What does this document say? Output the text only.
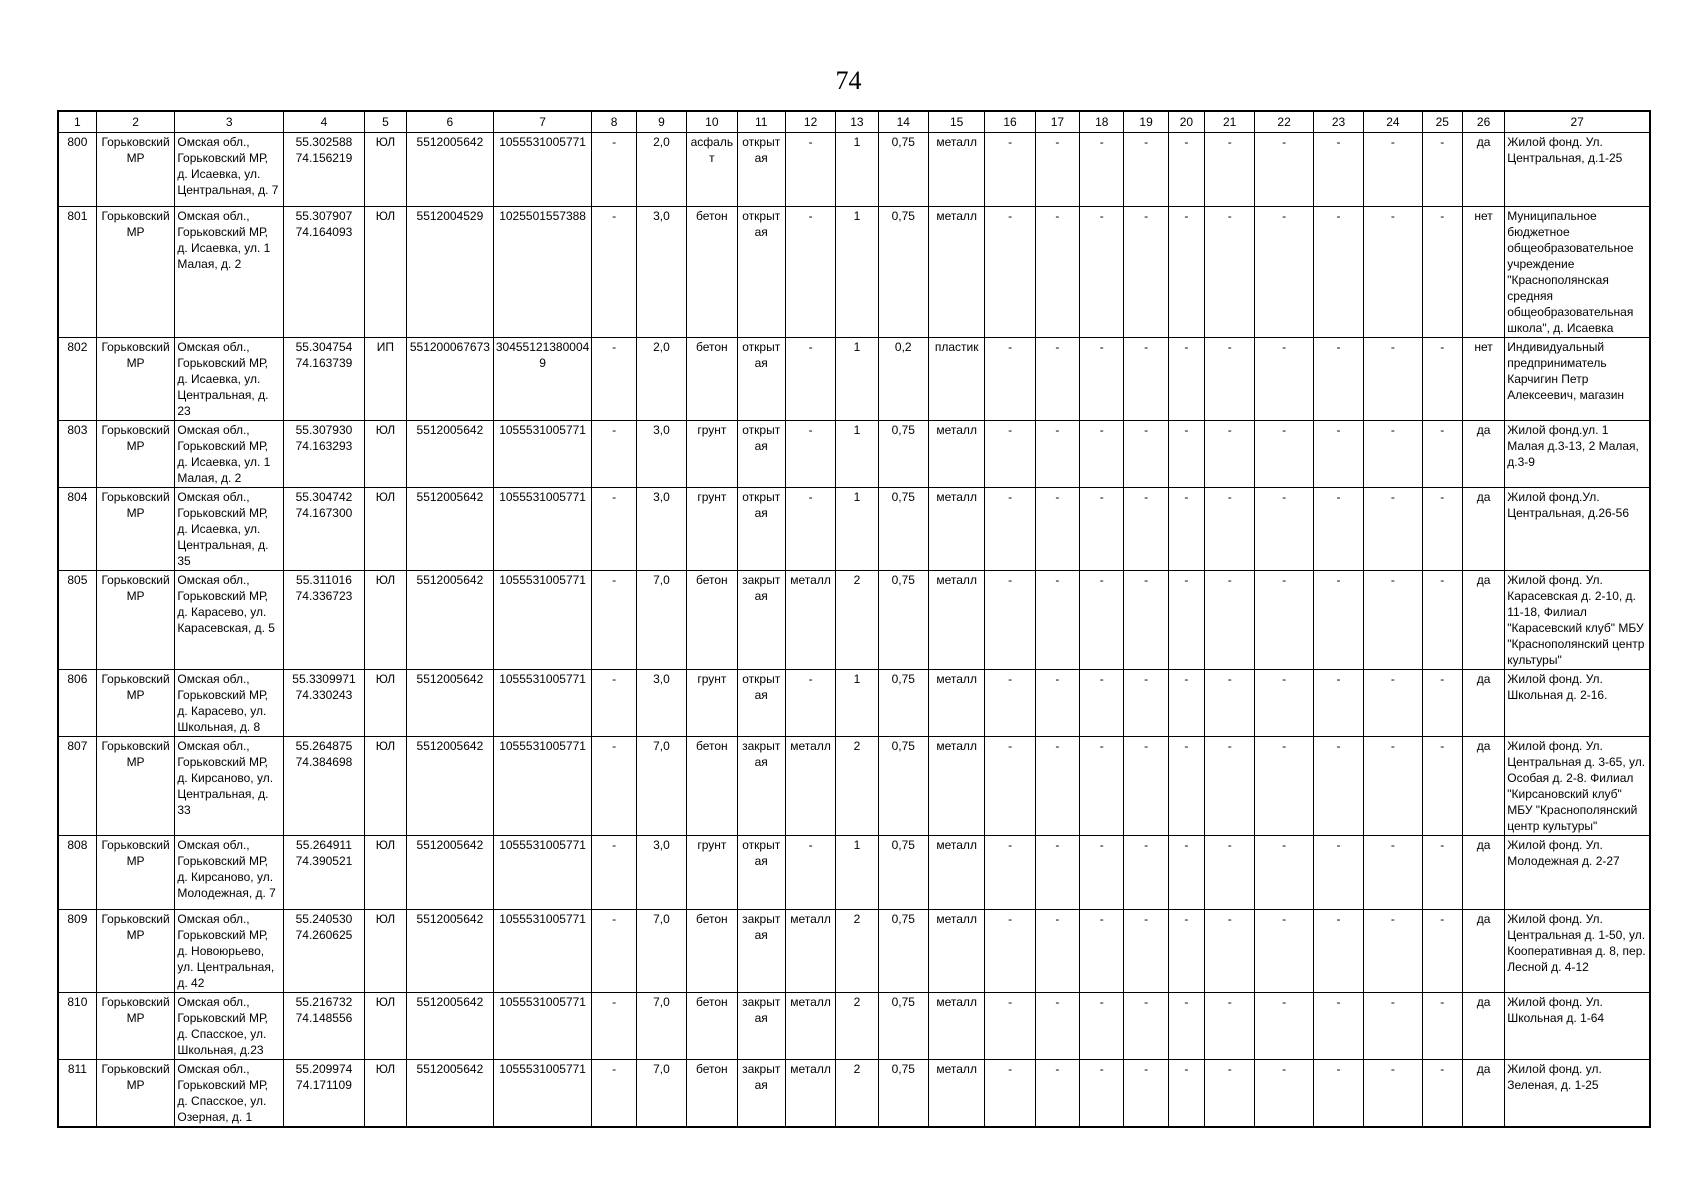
74
1	2	3	4	5	6	7	8	9	10	11	12	13	14	15	16	17	18	19	20	21	22	23	24	25	26	27
800	Горьковский МР	Омская обл., Горьковский МР, д. Исаевка, ул. Центральная, д. 7	55.302588 74.156219	ЮЛ	5512005642	1055531005771	-	2,0	асфальт	открытая	-	1	0,75	металл	-	-	-	-	-	-	-	-	-	-	да	Жилой фонд. Ул. Центральная, д.1-25
801	Горьковский МР	Омская обл., Горьковский МР, д. Исаевка, ул. 1 Малая, д. 2	55.307907 74.164093	ЮЛ	5512004529	1025501557388	-	3,0	бетон	открытая	-	1	0,75	металл	-	-	-	-	-	-	-	-	-	-	нет	Муниципальное бюджетное общеобразовательное учреждение "Краснополянская средняя общеобразовательная школа", д. Исаевка
802	Горьковский МР	Омская обл., Горьковский МР, д. Исаевка, ул. Центральная, д. 23	55.304754 74.163739	ИП	551200067673	304551213800049	-	2,0	бетон	открытая	-	1	0,2	пластик	-	-	-	-	-	-	-	-	-	-	нет	Индивидуальный предприниматель Карчигин Петр Алексеевич, магазин
803	Горьковский МР	Омская обл., Горьковский МР, д. Исаевка, ул. 1 Малая, д. 2	55.307930 74.163293	ЮЛ	5512005642	1055531005771	-	3,0	грунт	открытая	-	1	0,75	металл	-	-	-	-	-	-	-	-	-	-	да	Жилой фонд.ул. 1 Малая д.3-13, 2 Малая, д.3-9
804	Горьковский МР	Омская обл., Горьковский МР, д. Исаевка, ул. Центральная, д. 35	55.304742 74.167300	ЮЛ	5512005642	1055531005771	-	3,0	грунт	открытая	-	1	0,75	металл	-	-	-	-	-	-	-	-	-	-	да	Жилой фонд.Ул. Центральная, д.26-56
805	Горьковский МР	Омская обл., Горьковский МР, д. Карасево, ул. Карасевская, д. 5	55.311016 74.336723	ЮЛ	5512005642	1055531005771	-	7,0	бетон	закрытая	металл	2	0,75	металл	-	-	-	-	-	-	-	-	-	-	да	Жилой фонд. Ул. Карасевская д. 2-10, д. 11-18, Филиал "Карасевский клуб" МБУ "Краснополянский центр культуры"
806	Горьковский МР	Омская обл., Горьковский МР, д. Карасево, ул. Школьная, д. 8	55.3309971 74.330243	ЮЛ	5512005642	1055531005771	-	3,0	грунт	открытая	-	1	0,75	металл	-	-	-	-	-	-	-	-	-	-	да	Жилой фонд. Ул. Школьная д. 2-16.
807	Горьковский МР	Омская обл., Горьковский МР, д. Кирсаново, ул. Центральная, д. 33	55.264875 74.384698	ЮЛ	5512005642	1055531005771	-	7,0	бетон	закрытая	металл	2	0,75	металл	-	-	-	-	-	-	-	-	-	-	да	Жилой фонд. Ул. Центральная д. 3-65, ул. Особая д. 2-8. Филиал "Кирсановский клуб" МБУ "Краснополянский центр культуры"
808	Горьковский МР	Омская обл., Горьковский МР, д. Кирсаново, ул. Молодежная, д. 7	55.264911 74.390521	ЮЛ	5512005642	1055531005771	-	3,0	грунт	открытая	-	1	0,75	металл	-	-	-	-	-	-	-	-	-	-	да	Жилой фонд. Ул. Молодежная д. 2-27
809	Горьковский МР	Омская обл., Горьковский МР, д. Новоюрьево, ул. Центральная, д. 42	55.240530 74.260625	ЮЛ	5512005642	1055531005771	-	7,0	бетон	закрытая	металл	2	0,75	металл	-	-	-	-	-	-	-	-	-	-	да	Жилой фонд. Ул. Центральная д. 1-50, ул. Кооперативная д. 8, пер. Лесной д. 4-12
810	Горьковский МР	Омская обл., Горьковский МР, д. Спасское, ул. Школьная, д.23	55.216732 74.148556	ЮЛ	5512005642	1055531005771	-	7,0	бетон	закрытая	металл	2	0,75	металл	-	-	-	-	-	-	-	-	-	-	да	Жилой фонд. Ул. Школьная д. 1-64
811	Горьковский МР	Омская обл., Горьковский МР, д. Спасское, ул. Озерная, д. 1	55.209974 74.171109	ЮЛ	5512005642	1055531005771	-	7,0	бетон	закрытая	металл	2	0,75	металл	-	-	-	-	-	-	-	-	-	-	да	Жилой фонд. ул. Зеленая, д. 1-25
